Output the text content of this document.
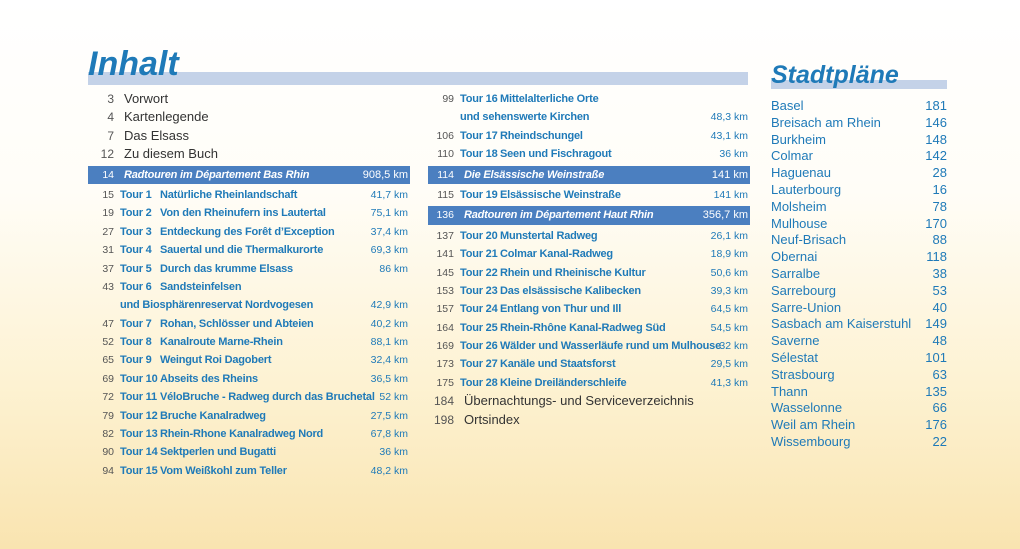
Inhalt	Stadtpläne
3 Vorwort
4 Kartenlegende
7 Das Elsass
12 Zu diesem Buch
14 Radtouren im Département Bas Rhin	908,5 km
15 Tour 1 Natürliche Rheinlandschaft	41,7 km
19 Tour 2 Von den Rheinufern ins Lautertal	75,1 km
27 Tour 3 Entdeckung des Forêt d’Exception	37,4 km
31 Tour 4 Sauertal und die Thermalkurorte	69,3 km
37 Tour 5 Durch das krumme Elsass	86 km
43 Tour 6 Sandsteinfelsen
und Biosphärenreservat Nordvogesen	42,9 km
47 Tour 7 Rohan, Schlösser und Abteien	40,2 km
52 Tour 8 Kanalroute Marne-Rhein	88,1 km
65 Tour 9 Weingut Roi Dagobert	32,4 km
69 Tour 10 Abseits des Rheins	36,5 km
72 Tour 11 VéloBruche - Radweg durch das Bruchetal 52 km
79 Tour 12 Bruche Kanalradweg	27,5 km
82 Tour 13 Rhein-Rhone Kanalradweg Nord	67,8 km
90 Tour 14 Sektperlen und Bugatti	36 km
94 Tour 15 Vom Weißkohl zum Teller	48,2 km
99 Tour 16 Mittelalterliche Orte
und sehenswerte Kirchen	48,3 km
106 Tour 17 Rheindschungel	43,1 km
110 Tour 18 Seen und Fischragout	36 km
114 Die Elsässische Weinstraße	141 km
115 Tour 19 Elsässische Weinstraße	141 km
136 Radtouren im Département Haut Rhin	356,7 km
137 Tour 20 Munstertal Radweg	26,1 km
141 Tour 21 Colmar Kanal-Radweg	18,9 km
145 Tour 22 Rhein und Rheinische Kultur	50,6 km
153 Tour 23 Das elsässische Kalibecken	39,3 km
157 Tour 24 Entlang von Thur und Ill	64,5 km
164 Tour 25 Rhein-Rhône Kanal-Radweg Süd	54,5 km
169 Tour 26 Wälder und Wasserläufe rund um Mulhouse
32 km
173 Tour 27 Kanäle und Staatsforst	29,5 km
175 Tour 28 Kleine Dreiländerschleife	41,3 km
184 Übernachtungs- und Serviceverzeichnis
198 Ortsindex
Basel	181
Breisach am Rhein	146
Burkheim	148
Colmar	142
Haguenau	28
Lauterbourg	16
Molsheim	78
Mulhouse	170
Neuf-Brisach	88
Obernai	118
Sarralbe	38
Sarrebourg	53
Sarre-Union	40
Sasbach am Kaiserstuhl 149
Saverne	48
Sélestat	101
Strasbourg	63
Thann	135
Wasselonne	66
Weil am Rhein	176
Wissembourg	22
